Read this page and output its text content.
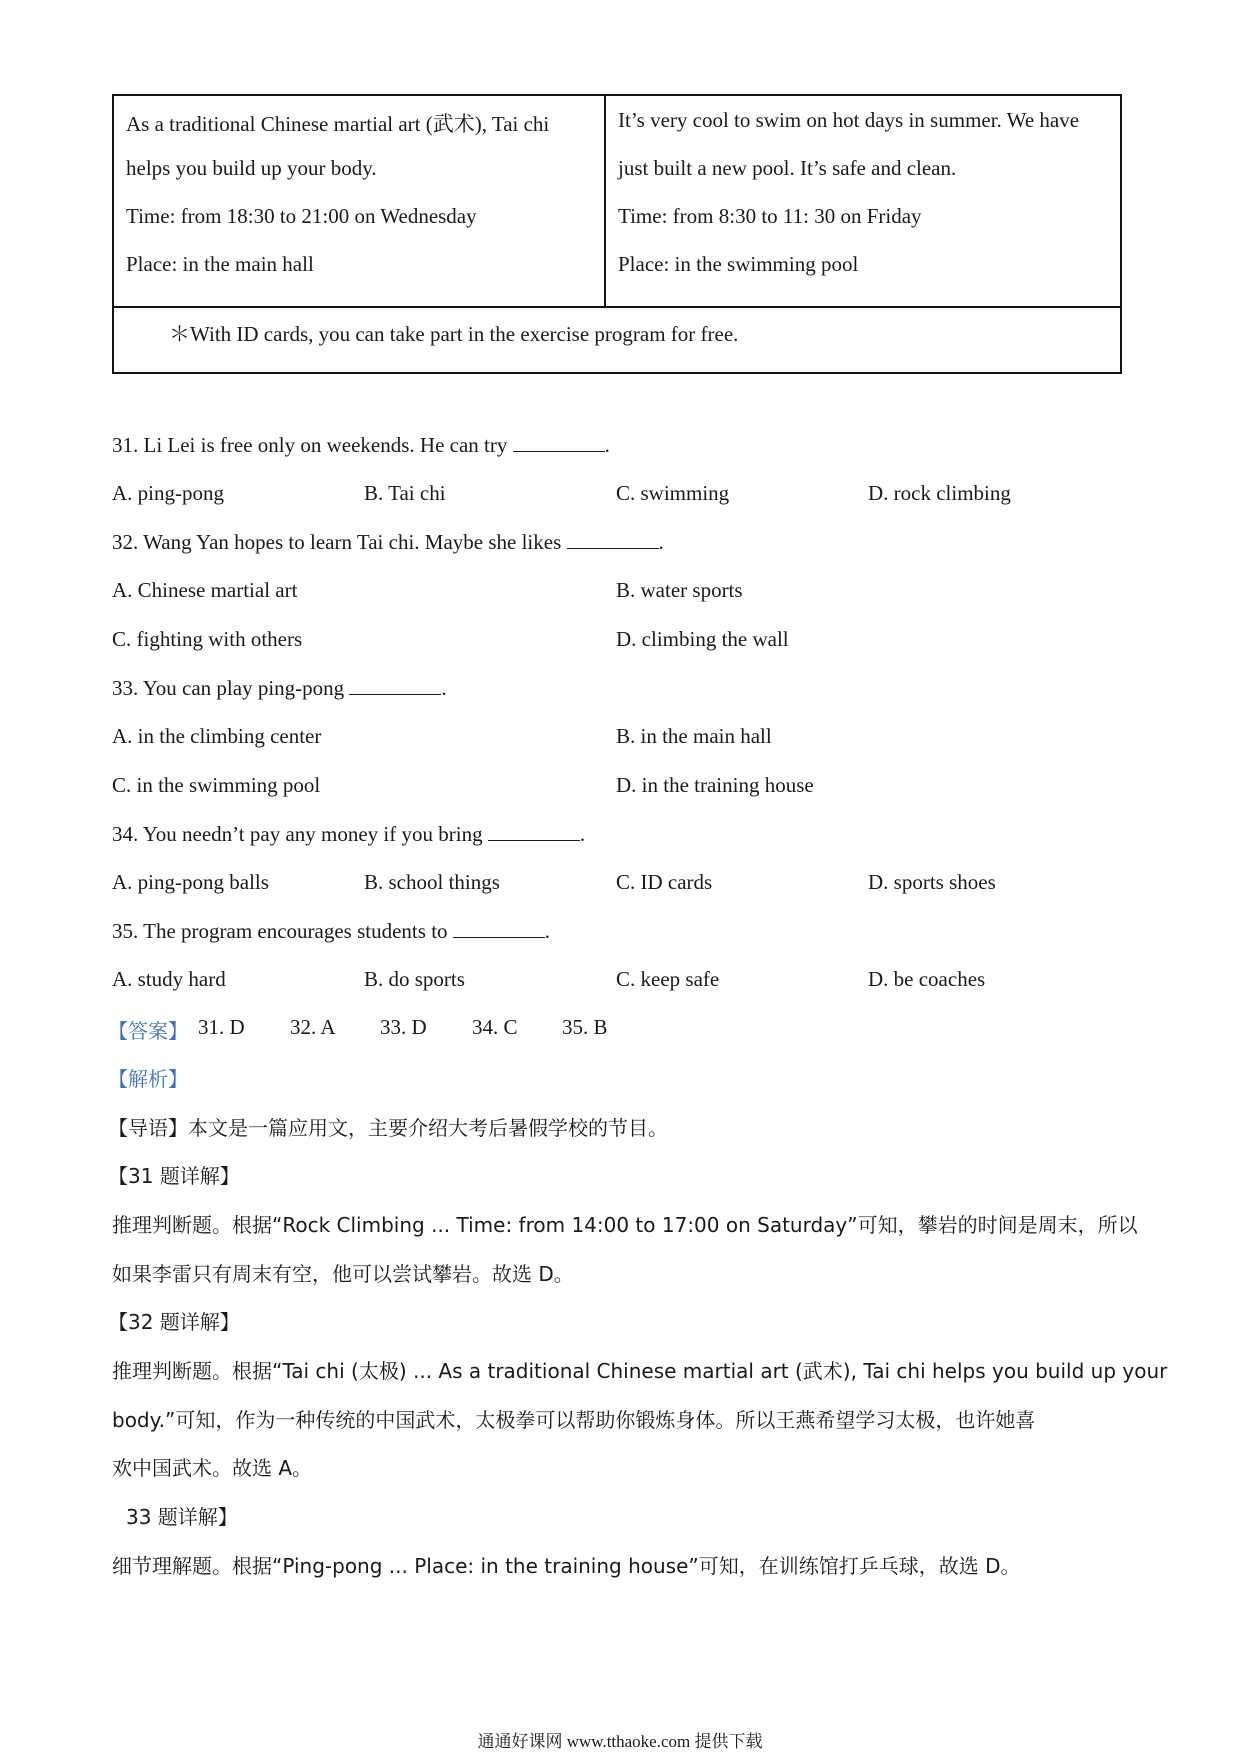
As a traditional Chinese martial art (武术), Tai chi
helps you build up your body.
Time: from 18:30 to 21:00 on Wednesday
Place: in the main hall
It’s very cool to swim on hot days in summer. We have
just built a new pool. It’s safe and clean.
Time: from 8:30 to 11: 30 on Friday
Place: in the swimming pool
＊With ID cards, you can take part in the exercise program for free.
31. Li Lei is free only on weekends. He can try	.
A. ping-pong	B. Tai chi	C. swimming	D. rock climbing
32. Wang Yan hopes to learn Tai chi. Maybe she likes	.
A. Chinese martial art	B. water sports
C. fighting with others	D. climbing the wall
33. You can play ping-pong	.
A. in the climbing center	B. in the main hall
C. in the swimming pool	D. in the training house
34. You needn’t pay any money if you bring	.
A. ping-pong balls	B. school things	C. ID cards	D. sports shoes
35. The program encourages students to	.
A. study hard	B. do sports	C. keep safe	D. be coaches
【答案】 31. D 32. A 33. D 34. C 35. B
【解析】
【导语】本文是一篇应用文，主要介绍大考后暑假学校的节目。
【31 题详解】
推理判断题。根据“Rock Climbing ... Time: from 14:00 to 17:00 on Saturday”可知，攀岩的时间是周末，所以
如果李雷只有周末有空，他可以尝试攀岩。故选 D。
【32 题详解】
推理判断题。根据“Tai chi (太极) ... As a traditional Chinese martial art (武术), Tai chi helps you build up your
body.”可知，作为一种传统的中国武术，太极拳可以帮助你锻炼身体。所以王燕希望学习太极，也许她喜
欢中国武术。故选 A。
33 题详解】
细节理解题。根据“Ping-pong ... Place: in the training house”可知，在训练馆打乒乓球，故选 D。
通通好课网 www.tthaoke.com 提供下载
